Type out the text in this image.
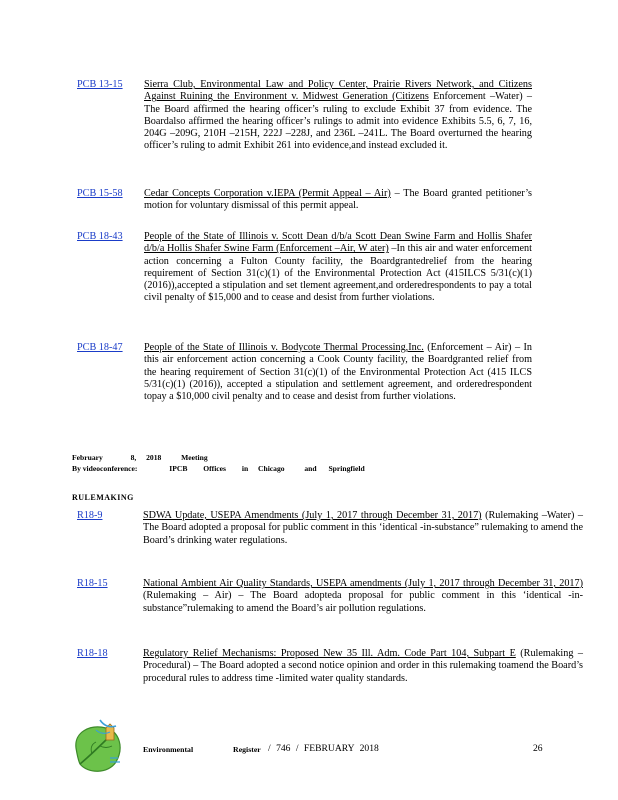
PCB 13-15 Sierra Club, Environmental Law and Policy Center, Prairie Rivers Network, and Citizens Against Ruining the Environment v. Midwest Generation (Citizens Enforcement –Water) – The Board affirmed the hearing officer’s ruling to exclude Exhibit 37 from evidence. The Boardalso affirmed the hearing officer’s rulings to admit into evidence Exhibits 5.5, 6, 7, 16, 204G –209G, 210H –215H, 222J –228J, and 236L –241L. The Board overturned the hearing officer’s ruling to admit Exhibit 261 into evidence,and instead excluded it.
PCB 15-58 Cedar Concepts Corporation v.IEPA (Permit Appeal – Air) – The Board granted petitioner’s motion for voluntary dismissal of this permit appeal.
PCB 18-43 People of the State of Illinois v. Scott Dean d/b/a Scott Dean Swine Farm and Hollis Shafer d/b/a Hollis Shafer Swine Farm (Enforcement –Air, W ater) –In this air and water enforcement action concerning a Fulton County facility, the Boardgrantedrelief from the hearing requirement of Section 31(c)(1) of the Environmental Protection Act (415ILCS 5/31(c)(1) (2016)),accepted a stipulation and set tlement agreement,and orderedrespondents to pay a total civil penalty of $15,000 and to cease and desist from further violations.
PCB 18-47 People of the State of Illinois v. Bodycote Thermal Processing,Inc. (Enforcement – Air) – In this air enforcement action concerning a Cook County facility, the Boardgranted relief from the hearing requirement of Section 31(c)(1) of the Environmental Protection Act (415 ILCS 5/31(c)(1) (2016)), accepted a stipulation and settlement agreement, and orderedrespondent topay a $10,000 civil penalty and to cease and desist from further violations.
February	8, 2018	Meeting
By videoconference:	IPCB Offices in Chicago	and Springfield
RULEMAKING
R18-9	SDWA Update, USEPA Amendments (July 1, 2017 through December 31, 2017) (Rulemaking –Water) –The Board adopted a proposal for public comment in this ‘identical -in-substance” rulemaking to amend the Board’s drinking water regulations.
R18-15	National Ambient Air Quality Standards, USEPA amendments (July 1, 2017 through December 31, 2017) (Rulemaking – Air) – The Board adopteda proposal for public comment in this ‘identical -in-substance”rulemaking to amend the Board’s air pollution regulations.
R18-18	Regulatory Relief Mechanisms: Proposed New 35 Ill. Adm. Code Part 104, Subpart E (Rulemaking –Procedural) – The Board adopted a second notice opinion and order in this rulemaking toamend the Board’s procedural rules to address time -limited water quality standards.
Environmental Register / 746 / FEBRUARY 2018	26
